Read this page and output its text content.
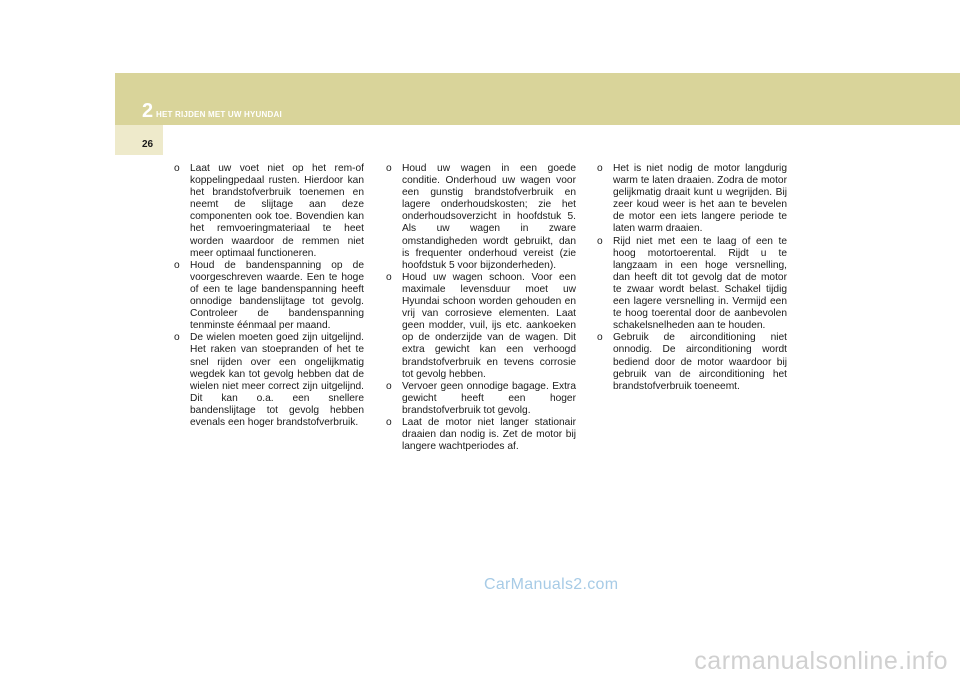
2 HET RIJDEN MET UW HYUNDAI
26

o Laat uw voet niet op het rem-of koppelingpedaal rusten. Hierdoor kan het brandstofverbruik toenemen en neemt de slijtage aan deze componenten ook toe. Bovendien kan het remvoeringmateriaal te heet worden waardoor de remmen niet meer optimaal functioneren.

o Houd de bandenspanning op de voorgeschreven waarde. Een te hoge of een te lage bandenspanning heeft onnodige bandenslijtage tot gevolg. Controleer de bandenspanning tenminste éénmaal per maand.

o De wielen moeten goed zijn uitgelijnd. Het raken van stoepranden of het te snel rijden over een ongelijkmatig wegdek kan tot gevolg hebben dat de wielen niet meer correct zijn uitgelijnd. Dit kan o.a. een snellere bandenslijtage tot gevolg hebben evenals een hoger brandstofverbruik.

o Houd uw wagen in een goede conditie. Onderhoud uw wagen voor een gunstig brandstofverbruik en lagere onderhoudskosten; zie het onderhoudsoverzicht in hoofdstuk 5. Als uw wagen in zware omstandigheden wordt gebruikt, dan is frequenter onderhoud vereist (zie hoofdstuk 5 voor bijzonderheden).

o Houd uw wagen schoon. Voor een maximale levensduur moet uw Hyundai schoon worden gehouden en vrij van corrosieve elementen. Laat geen modder, vuil, ijs etc. aankoeken op de onderzijde van de wagen. Dit extra gewicht kan een verhoogd brandstofverbruik en tevens corrosie tot gevolg hebben.

o Vervoer geen onnodige bagage. Extra gewicht heeft een hoger brandstofverbruik tot gevolg.

o Laat de motor niet langer stationair draaien dan nodig is. Zet de motor bij langere wachtperiodes af.

o Het is niet nodig de motor langdurig warm te laten draaien. Zodra de motor gelijkmatig draait kunt u wegrijden. Bij zeer koud weer is het aan te bevelen de motor een iets langere periode te laten warm draaien.

o Rijd niet met een te laag of een te hoog motortoerental. Rijdt u te langzaam in een hoge versnelling, dan heeft dit tot gevolg dat de motor te zwaar wordt belast. Schakel tijdig een lagere versnelling in. Vermijd een te hoog toerental door de aanbevolen schakelsnelheden aan te houden.

o Gebruik de airconditioning niet onnodig. De airconditioning wordt bediend door de motor waardoor bij gebruik van de airconditioning het brandstofverbruik toeneemt.

CarManuals2.com
carmanualsonline.info
